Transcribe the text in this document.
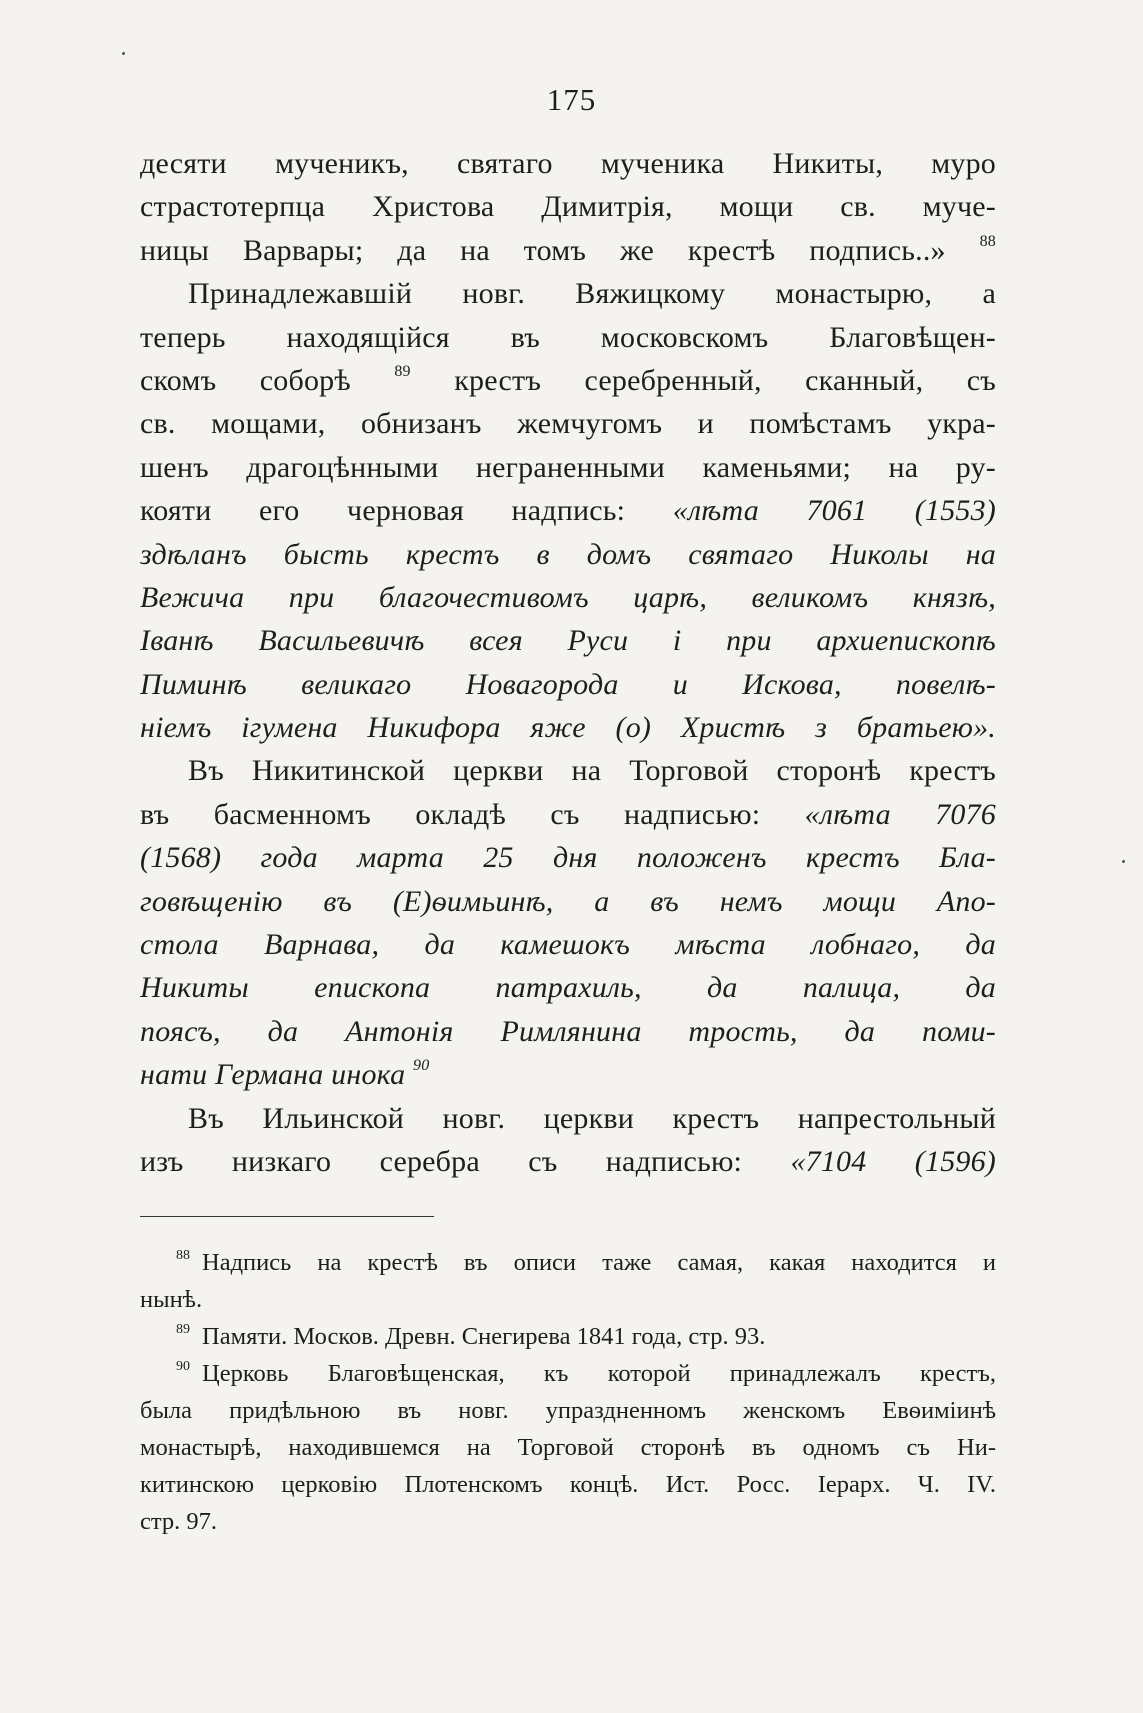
175
десяти мученикъ, святаго мученика Никиты, муро
страстотерпца Христова Димитрія, мощи св. муче-
ницы Варвары; да на томъ же крестѣ подпись..» $^{88}$
Принадлежавшій новг. Вяжицкому монастырю, а
теперь находящійся въ московскомъ Благовѣщен-
скомъ соборѣ	$^{89}$ крестъ серебренный, сканный, съ
св. мощами, обнизанъ жемчугомъ и помѣстамъ укра-
шенъ драгоцѣнными неграненными каменьями; на ру-
кояти его черновая надпись: «лѣта 7061 (1553)
здѣланъ бысть крестъ в домъ святаго Николы на
Вежича при благочестивомъ царѣ, великомъ князѣ,
Іванѣ Васильевичѣ всея Руси і при архиепископѣ
Пиминѣ великаго Новагорода и Искова, повелѣ-
ніемъ ігумена Никифора яже (о) Христѣ з братьею».
Въ Никитинской церкви на Торговой сторонѣ крестъ
въ басменномъ окладѣ съ надписью: «лѣта 7076
(1568) года марта 25 дня положенъ крестъ Бла-
говѣщенію въ (Е)ѳимьинѣ, а въ немъ мощи Апо-
стола Варнава, да камешокъ мѣста лобнаго, да
Никиты епископа патрахиль, да палица, да
поясъ, да Антонія Римлянина трость, да поми-
нати Германа инока $^{90}$
Въ Ильинской новг. церкви крестъ напрестольный
изъ низкаго серебра съ надписью: «7104 (1596)
$^{88}$ Надпись на крестѣ въ описи таже самая, какая находится и
нынѣ.
$^{89}$ Памяти. Москов. Древн. Снегирева 1841 года, стр. 93.
$^{90}$ Церковь Благовѣщенская, къ которой принадлежалъ крестъ,
была придѣльною въ новг. упраздненномъ женскомъ Евѳиміинѣ
монастырѣ, находившемся на Торговой сторонѣ въ одномъ съ Ни-
китинскою церковію Плотенскомъ концѣ. Ист. Росс. Іерарх. Ч. IV.
стр. 97.
